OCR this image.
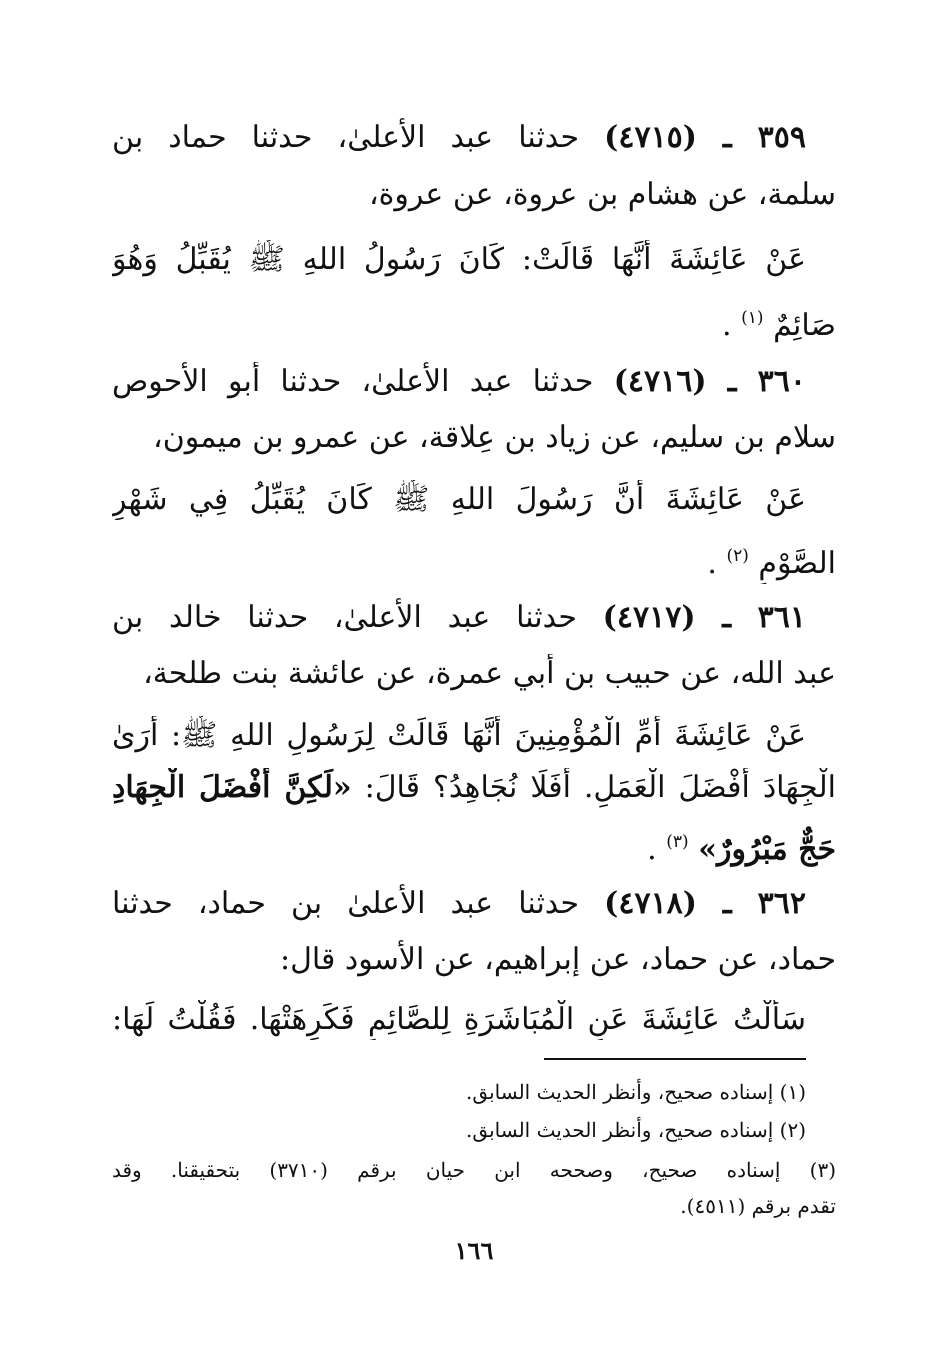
٣٥٩ ـ (٤٧١٥) حدثنا عبد الأعلىٰ، حدثنا حماد بن
سلمة، عن هشام بن عروة، عن عروة،
عَنْ عَائِشَةَ أَنَّهَا قَالَتْ: كَانَ رَسُولُ اللهِ ﷺ يُقَبِّلُ وَهُوَ
صَائِمٌ $^{(١)}$ .
٣٦٠ ـ (٤٧١٦) حدثنا عبد الأعلىٰ، حدثنا أبو الأحوص
سلام بن سليم، عن زياد بن عِلاقة، عن عمرو بن ميمون،
عَنْ عَائِشَةَ أَنَّ رَسُولَ اللهِ ﷺ كَانَ يُقَبِّلُ فِي شَهْرِ
الصَّوْمِ $^{(٢)}$ .
٣٦١ ـ (٤٧١٧) حدثنا عبد الأعلىٰ، حدثنا خالد بن
عبد الله، عن حبيب بن أبي عمرة، عن عائشة بنت طلحة،
عَنْ عَائِشَةَ أُمِّ الْمُؤْمِنِينَ أَنَّهَا قَالَتْ لِرَسُولِ اللهِ ﷺ: أَرَىٰ
الْجِهَادَ أَفْضَلَ الْعَمَلِ. أَفَلَا نُجَاهِدُ؟ قَالَ: «لَكِنَّ أَفْضَلَ الْجِهَادِ
حَجٌّ مَبْرُورٌ» $^{(٣)}$ .
٣٦٢ ـ (٤٧١٨) حدثنا عبد الأعلىٰ بن حماد، حدثنا
حماد، عن حماد، عن إبراهيم، عن الأسود قال:
سَأَلْتُ عَائِشَةَ عَنِ الْمُبَاشَرَةِ لِلصَّائِمِ فَكَرِهَتْهَا. فَقُلْتُ لَهَا:
(١) إسناده صحيح، وأنظر الحديث السابق.
(٢) إسناده صحيح، وأنظر الحديث السابق.
(٣) إسناده صحيح، وصححه ابن حيان برقم (٣٧١٠) بتحقيقنا. وقد
تقدم برقم (٤٥١١).
١٦٦
